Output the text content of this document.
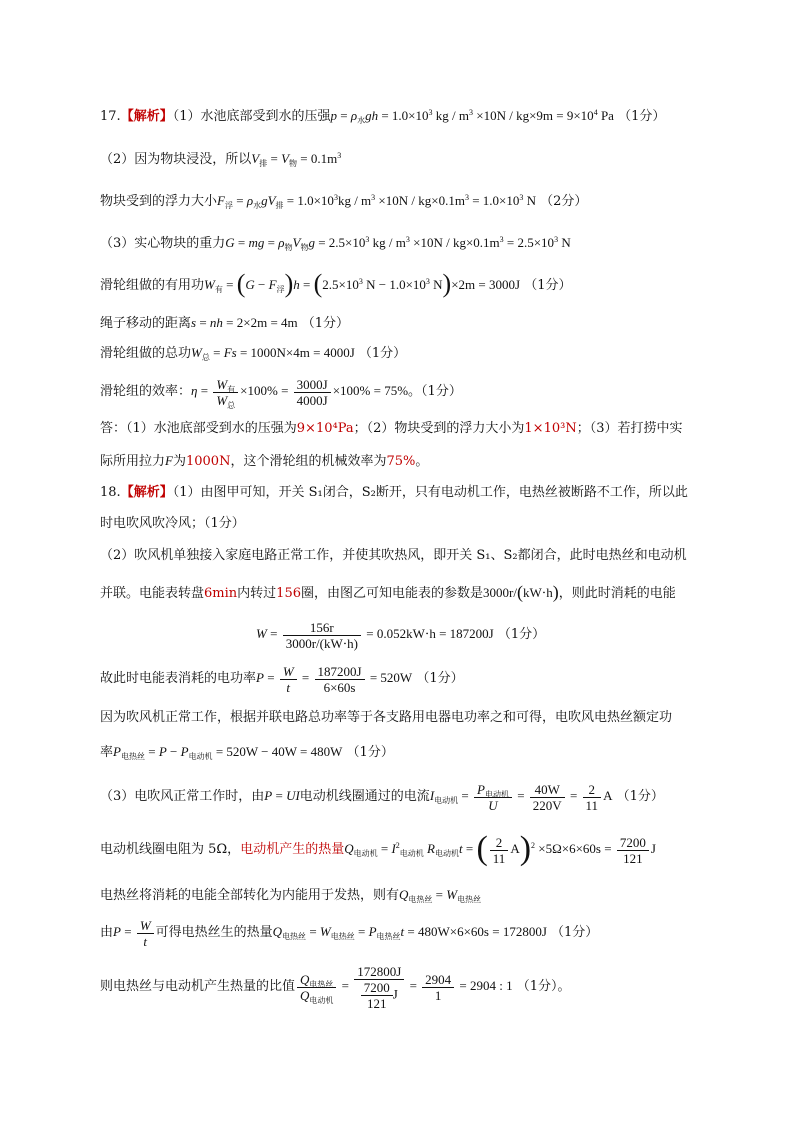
17.【解析】（1）水池底部受到水的压强$p = \rho_水gh = 1.0\times 10^3$ kg / $m^3 \times 10N / kg\times 9m = 9\times 10^4$ Pa （1分）
（2）因为物块浸没，所以$V_排 = V_物 = 0.1m^3$
物块受到的浮力大小$F_浮 = \rho_水gV_排 = 1.0\times 10^3kg / m^3 \times 10N / kg\times 0.1m^3 = 1.0\times 10^3$ N （2分）
（3）实心物块的重力G = mg = $\rho_物V_物g = 2.5\times 10^3$ kg / $m^3 \times 10N / kg\times 0.1m^3 = 2.5\times 10^3$ N
滑轮组做的有用功$W_有 = (G - F_浮)h = (2.5\times 10^3$ $N - 1.0\times 10^3$ N)×2m = 3000J （1分）
绳子移动的距离s = nh = 2×2m = 4m （1分）
滑轮组做的总功$W_总 = Fs = 1000N\times 4m = 4000J$ （1分）
滑轮组的效率：$\eta = \frac{W_有}{W_总} \times 100\% = \frac{3000J}{4000J} \times 100\% = 75\%$。（1分）
答：（1）水池底部受到水的压强为9×10⁴Pa；（2）物块受到的浮力大小为1×10³N；（3）若打捞中实
际所用拉力F为1000N，这个滑轮组的机械效率为75%。
18.【解析】（1）由图甲可知，开关 S₁闭合，S₂断开，只有电动机工作，电热丝被断路不工作，所以此
时电吹风吹冷风；（1分）
（2）吹风机单独接入家庭电路正常工作，并使其吹热风，即开关 S₁、S₂都闭合，此时电热丝和电动机
并联。电能表转盘6min内转过156圈，由图乙可知电能表的参数是3000r/(kW⋅h)，则此时消耗的电能
$W = \frac{156r}{3000r/(kW\cdot h)} = 0.052kW\cdot h = 187200J$ （1分）
故此时电能表消耗的电功率$P = \frac{W}{t} = \frac{187200J}{6\times 60s} = 520W$ （1分）
因为吹风机正常工作，根据并联电路总功率等于各支路用电器电功率之和可得，电吹风电热丝额定功
率$P_{电热丝} = P - P_{电动机} = 520W - 40W = 480W$ （1分）
（3）电吹风正常工作时，由P = UI电动机线圈通过的电流$I_{电动机} = \frac{P_{电动机}}{U} = \frac{40W}{220V} = \frac{2}{11}$ A （1分）
电动机线圈电阻为 5Ω，电动机产生的热量$Q_{电动机} = I^2_{电动机}$ $R_{电动机}t$ = ( $\frac{2}{11} A)^2 \times 5\Omega\times 6\times 60s = \frac{7200}{121}$ J
电热丝将消耗的电能全部转化为内能用于发热，则有$Q_{电热丝} = W_{电热丝}$
由$P = \frac{W}{t}$ 可得电热丝生的热量$Q_{电热丝} = W_{电热丝} = P_{电热丝}t = 480W\times 6\times 60s = 172800J$ （1分）
则电热丝与电动机产生热量的比值 $\frac{Q_{电热丝}}{Q_{电动机}} = \frac{172800J}{\frac{7200}{121} J} = \frac{2904}{1} = 2904$ : 1 （1分）。
